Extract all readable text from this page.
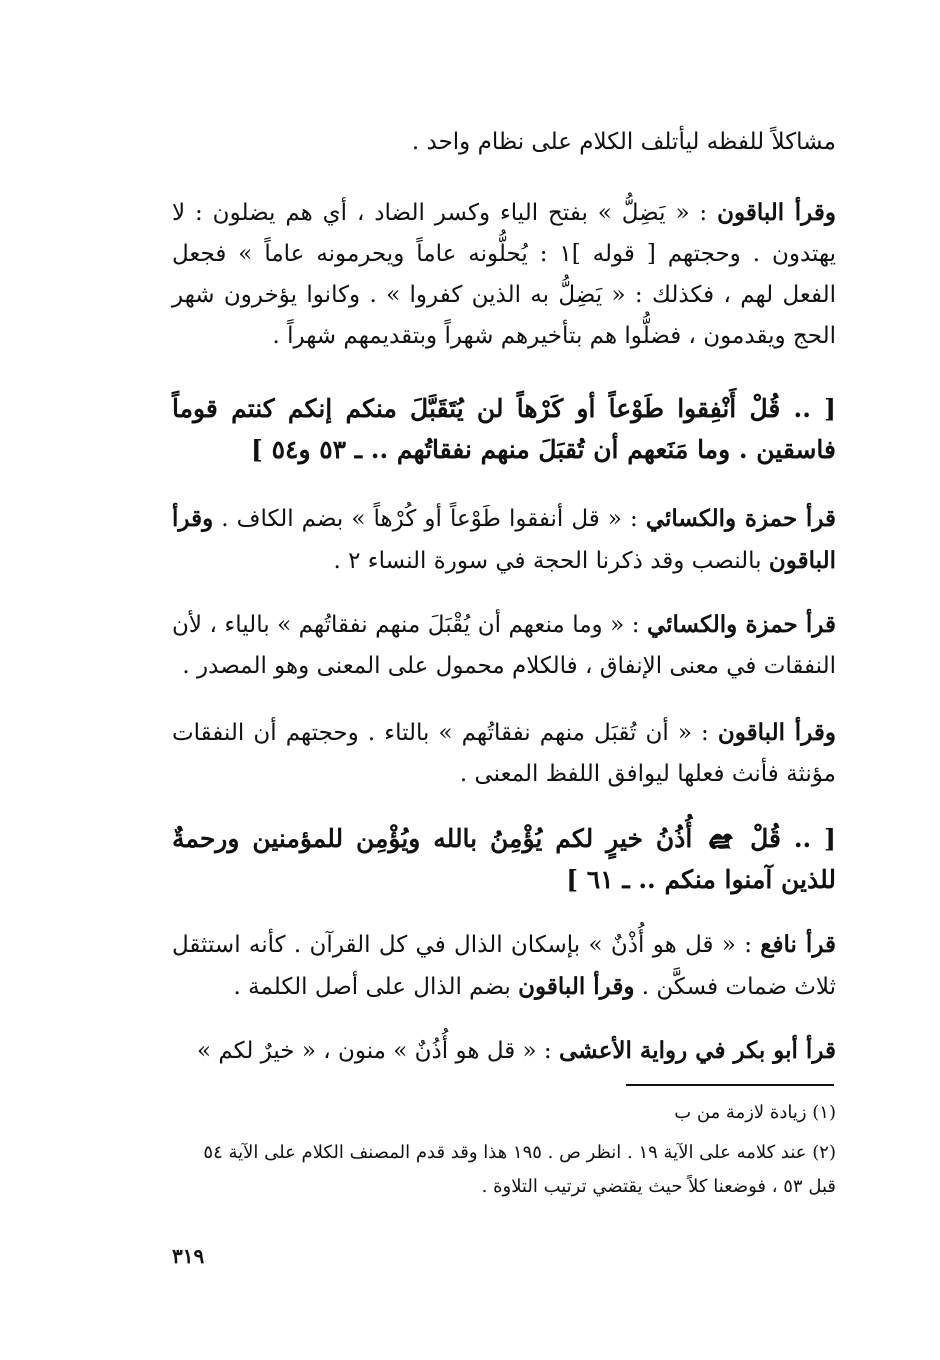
مشاكلاً للفظه ليأتلف الكلام على نظام واحد .

وقرأ الباقون : « يَضِلُّ » بفتح الياء وكسر الضاد ، أي هم يضلون : لا يهتدون . وحجتهم [ قوله ]١ : يُحلُّونه عاماً ويحرمونه عاماً » فجعل الفعل لهم ، فكذلك : « يَضِلُّ به الذين كفروا » . وكانوا يؤخرون شهر الحج ويقدمون ، فضلُّوا هم بتأخيرهم شهراً وبتقديمهم شهراً .

[ .. قُلْ أَنْفِقوا طَوْعاً أو كَرْهاً لن يُتَقَبَّلَ منكم إنكم كنتم قوماً فاسقين . وما مَنَعهم أن تُقبَلَ منهم نفقاتُهم .. ـ ٥٣ و٥٤ ]

قرأ حمزة والكسائي : « قل أنفقوا طَوْعاً أو كُرْهاً » بضم الكاف . وقرأ الباقون بالنصب وقد ذكرنا الحجة في سورة النساء ٢ .

قرأ حمزة والكسائي : « وما منعهم أن يُقْبَلَ منهم نفقاتُهم » بالياء ، لأن النفقات في معنى الإنفاق ، فالكلام محمول على المعنى وهو المصدر .

وقرأ الباقون : « أن تُقبَل منهم نفقاتُهم » بالتاء . وحجتهم أن النفقات مؤنثة فأنث فعلها ليوافق اللفظ المعنى .

[ .. قُلْ  أُذُنُ خيرٍ لكم يُؤْمِنُ بالله ويُؤْمِن للمؤمنين ورحمةٌ للذين آمنوا منكم .. ـ ٦١ ]

قرأ نافع : « قل هو أُذْنٌ » بإسكان الذال في كل القرآن . كأنه استثقل ثلاث ضمات فسكَّن . وقرأ الباقون بضم الذال على أصل الكلمة .

قرأ أبو بكر في رواية الأعشى : « قل هو أُذُنٌ » منون ، « خيرٌ لكم »

(١) زيادة لازمة من ب

(٢) عند كلامه على الآية ١٩ . انظر ص . ١٩٥ هذا وقد قدم المصنف الكلام على الآية ٥٤ قبل ٥٣ ، فوضعنا كلاً حيث يقتضي ترتيب التلاوة .

٣١٩
